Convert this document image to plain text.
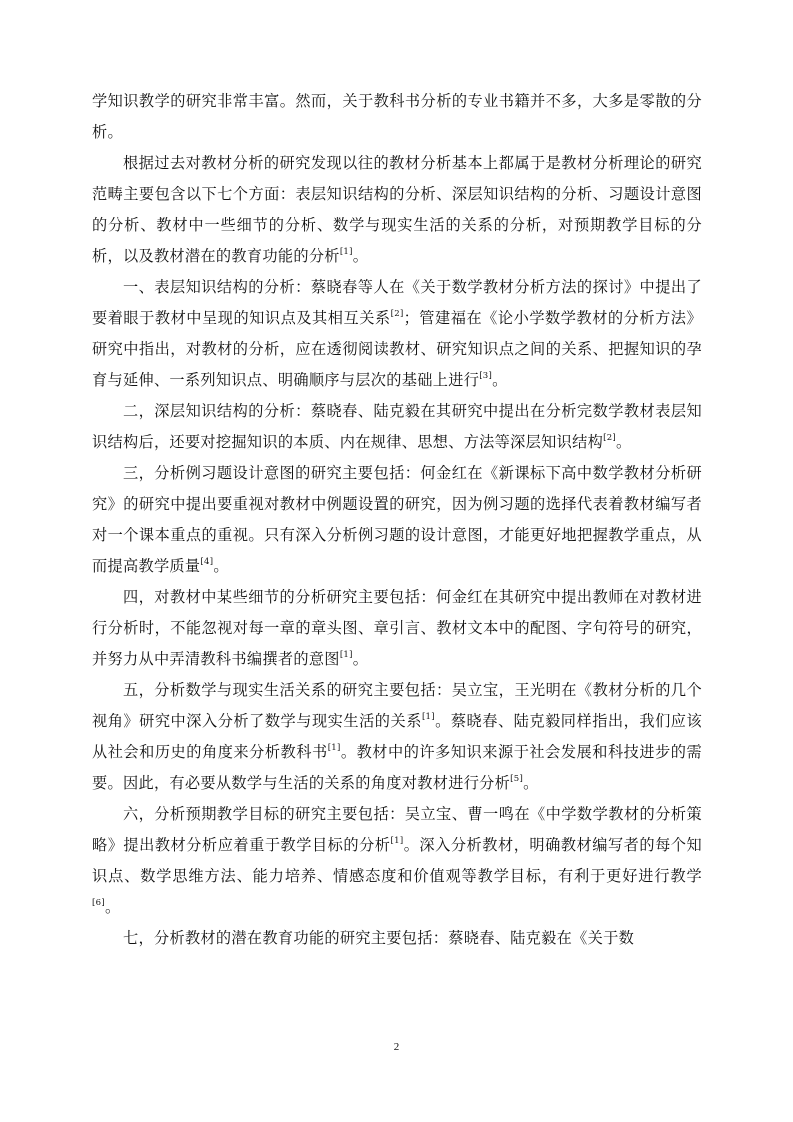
学知识教学的研究非常丰富。然而，关于教科书分析的专业书籍并不多，大多是零散的分析。

根据过去对教材分析的研究发现以往的教材分析基本上都属于是教材分析理论的研究范畴主要包含以下七个方面：表层知识结构的分析、深层知识结构的分析、习题设计意图的分析、教材中一些细节的分析、数学与现实生活的关系的分析，对预期教学目标的分析，以及教材潜在的教育功能的分析[1]。

一、表层知识结构的分析：蔡晓春等人在《关于数学教材分析方法的探讨》中提出了要着眼于教材中呈现的知识点及其相互关系[2]；管建福在《论小学数学教材的分析方法》研究中指出，对教材的分析，应在透彻阅读教材、研究知识点之间的关系、把握知识的孕育与延伸、一系列知识点、明确顺序与层次的基础上进行[3]。

二，深层知识结构的分析：蔡晓春、陆克毅在其研究中提出在分析完数学教材表层知识结构后，还要对挖掘知识的本质、内在规律、思想、方法等深层知识结构[2]。

三，分析例习题设计意图的研究主要包括：何金红在《新课标下高中数学教材分析研究》的研究中提出要重视对教材中例题设置的研究，因为例习题的选择代表着教材编写者对一个课本重点的重视。只有深入分析例习题的设计意图，才能更好地把握教学重点，从而提高教学质量[4]。

四，对教材中某些细节的分析研究主要包括：何金红在其研究中提出教师在对教材进行分析时，不能忽视对每一章的章头图、章引言、教材文本中的配图、字句符号的研究，并努力从中弄清教科书编撰者的意图[1]。

五，分析数学与现实生活关系的研究主要包括：吴立宝，王光明在《教材分析的几个视角》研究中深入分析了数学与现实生活的关系[1]。蔡晓春、陆克毅同样指出，我们应该从社会和历史的角度来分析教科书[1]。教材中的许多知识来源于社会发展和科技进步的需要。因此，有必要从数学与生活的关系的角度对教材进行分析[5]。

六，分析预期教学目标的研究主要包括：吴立宝、曹一鸣在《中学数学教材的分析策略》提出教材分析应着重于教学目标的分析[1]。深入分析教材，明确教材编写者的每个知识点、数学思维方法、能力培养、情感态度和价值观等教学目标，有利于更好进行教学[6]。

七，分析教材的潜在教育功能的研究主要包括：蔡晓春、陆克毅在《关于数

2
